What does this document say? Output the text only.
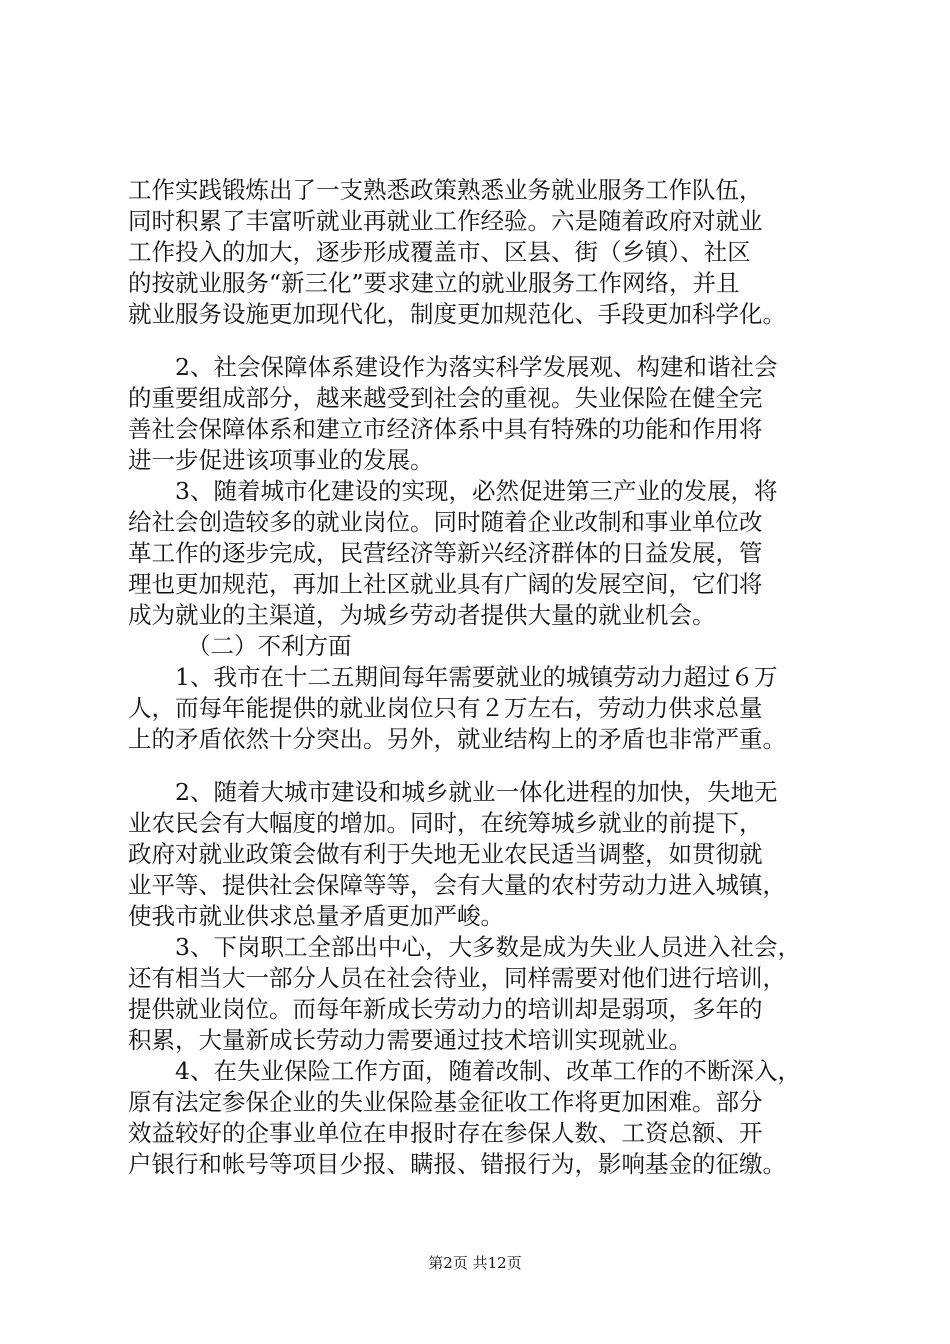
工作实践锻炼出了一支熟悉政策熟悉业务就业服务工作队伍，
同时积累了丰富听就业再就业工作经验。六是随着政府对就业
工作投入的加大，逐步形成覆盖市、区县、街（乡镇）、社区
的按就业服务“新三化”要求建立的就业服务工作网络，并且
就业服务设施更加现代化，制度更加规范化、手段更加科学化。
2、社会保障体系建设作为落实科学发展观、构建和谐社会
的重要组成部分，越来越受到社会的重视。失业保险在健全完
善社会保障体系和建立市经济体系中具有特殊的功能和作用将
进一步促进该项事业的发展。
3、随着城市化建设的实现，必然促进第三产业的发展，将
给社会创造较多的就业岗位。同时随着企业改制和事业单位改
革工作的逐步完成，民营经济等新兴经济群体的日益发展，管
理也更加规范，再加上社区就业具有广阔的发展空间，它们将
成为就业的主渠道，为城乡劳动者提供大量的就业机会。
（二）不利方面
1、我市在十二五期间每年需要就业的城镇劳动力超过６万
人，而每年能提供的就业岗位只有２万左右，劳动力供求总量
上的矛盾依然十分突出。另外，就业结构上的矛盾也非常严重。
2、随着大城市建设和城乡就业一体化进程的加快，失地无
业农民会有大幅度的增加。同时，在统筹城乡就业的前提下，
政府对就业政策会做有利于失地无业农民适当调整，如贯彻就
业平等、提供社会保障等等，会有大量的农村劳动力进入城镇，
使我市就业供求总量矛盾更加严峻。
3、下岗职工全部出中心，大多数是成为失业人员进入社会，
还有相当大一部分人员在社会待业，同样需要对他们进行培训，
提供就业岗位。而每年新成长劳动力的培训却是弱项，多年的
积累，大量新成长劳动力需要通过技术培训实现就业。
4、在失业保险工作方面，随着改制、改革工作的不断深入，
原有法定参保企业的失业保险基金征收工作将更加困难。部分
效益较好的企事业单位在申报时存在参保人数、工资总额、开
户银行和帐号等项目少报、瞒报、错报行为，影响基金的征缴。
第2页 共12页
